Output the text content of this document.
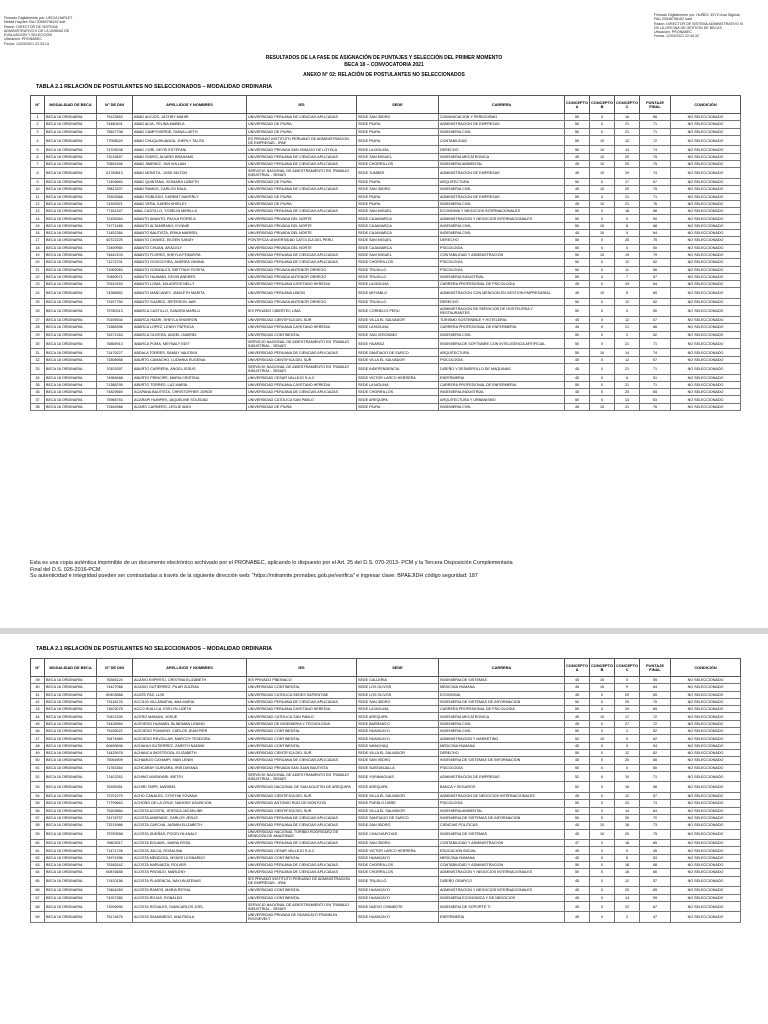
Firmado Digitalmente por: URCIA HARLET
Nelida Haydee FAU 20546798152 soft
Razón: DIRECTOR DE SISTEMA
ADMINISTRATIVO II DE LA UNIDAD DE
EVALUACION Y SELECCIÓN
Ubicación: PRONABEC
Fecha: 12/03/2021 22:34:13
Firmado Digitalmente por: NUÑEZ JOYO Ana Gigliola
FAU 20546798152 hard
Razón: DIRECTOR DE SISTEMA ADMINISTRATIVO III
DE LA OFICINA DE GESTION DE BECAS
Ubicación: PRONABEC
Fecha: 12/03/2021 22:44:32
RESULTADOS DE LA FASE DE ASIGNACIÓN DE PUNTAJES Y SELECCIÓN DEL PRIMER MOMENTO
BECA 18 – CONVOCATORIA 2021
ANEXO N° 02: RELACIÓN DE POSTULANTES NO SELECCIONADOS
TABLA 2.1 RELACIÓN DE POSTULANTES NO SELECCIONADOS – MODALIDAD ORDINARIA
N°	MODALIDAD DE BECA	N° DE DNI	APELLIDOS Y NOMBRES	IES	SEDE	CARRERA	CONCEPTO A	CONCEPTO B	CONCEPTO C	PUNTAJE FINAL	CONDICIÓN
1	BECA 18 ORDINARIA	75123853	ABAD ALEJOS, JATZIRY MAHIR	UNIVERSIDAD PERUANA DE CIENCIAS APLICADAS	SEDE SAN ISIDRO	COMUNICACION Y PERIODISMO	50	0	16	66	NO SELECCIONADO
2	BECA 18 ORDINARIA	74480401	ABAD ALVA, YELINA MABELA	UNIVERSIDAD DE PIURA	SEDE PIURA	ADMINISTRACION DE EMPRESAS	50	0	21	71	NO SELECCIONADO
3	BECA 18 ORDINARIA	75627708	ABAD CAMPOVERDE, DIANA LUETH	UNIVERSIDAD DE PIURA	SEDE PIURA	INGENIERIA CIVIL	50	0	21	71	NO SELECCIONADO
4	BECA 18 ORDINARIA	77058524	ABAD CHUQUIHUANGA, JHERLY TALITA	ES PRIVADO INSTITUTO PERUANO DE ADMINISTRACION DE EMPRESAS - IPAE	SEDE PIURA	CONTABILIDAD	50	10	12	72	NO SELECCIONADO
5	BECA 18 ORDINARIA	74708248	ABAD CORI, DEYSI ESTEFANI	UNIVERSIDAD PRIVADA SAN IGNACIO DE LOYOLA	SEDE LA MOLINA	DERECHO	50	10	14	74	NO SELECCIONADO
6	BECA 18 ORDINARIA	73215657	ABAD ISIDRO, ALVARO BRAHAMS	UNIVERSIDAD PERUANA DE CIENCIAS APLICADAS	SEDE SAN MIGUEL	INGENIERIA MECATRONICA	45	10	20	75	NO SELECCIONADO
7	BECA 18 ORDINARIA	70891946	ABAD JIMENEZ, YAN WILLIAN	UNIVERSIDAD PERUANA DE CIENCIAS APLICADAS	SEDE CHORRILLOS	INGENIERIA AMBIENTAL	45	10	20	75	NO SELECCIONADO
8	BECA 18 ORDINARIA	61789813	ABAD MONTOL, JOSE MILTON	SERVICIO NACIONAL DE ADIESTRAMIENTO EN TRABAJO INDUSTRIAL - SENATI	SEDE TUMBES	ADMINISTRACION DE EMPRESAS	45	10	19	74	NO SELECCIONADO
9	BECA 18 ORDINARIA	71406683	ABAD QUINTANA, XIOMARA LIZBETH	UNIVERSIDAD DE PIURA	SEDE PIURA	ARQUITECTURA	50	0	17	67	NO SELECCIONADO
10	BECA 18 ORDINARIA	75813207	ABAD RAMOS, CARLOS RAUL	UNIVERSIDAD PERUANA DE CIENCIAS APLICADAS	SEDE SAN ISIDRO	INGENIERIA CIVIL	45	10	20	75	NO SELECCIONADO
11	BECA 18 ORDINARIA	75302868	ABAD ROBLEDO, KAREMT MAYERLY	UNIVERSIDAD DE PIURA	SEDE PIURA	ADMINISTRACION DE EMPRESAS	50	0	21	71	NO SELECCIONADO
12	BECA 18 ORDINARIA	74393921	ABAD VERA, KAREN SHIRLEY	UNIVERSIDAD DE PIURA	SEDE PIURA	INGENIERIA CIVIL	45	10	21	76	NO SELECCIONADO
13	BECA 18 ORDINARIA	77151347	ABAL CASTILLO, YOSELIN MIRELLA	UNIVERSIDAD PERUANA DE CIENCIAS APLICADAS	SEDE SAN MIGUEL	ECONOMIA Y NEGOCIOS INTERNACIONALES	50	0	18	68	NO SELECCIONADO
14	BECA 18 ORDINARIA	72155364	ABANTO ABANTO, PAOLA FIORELA	UNIVERSIDAD PRIVADA DEL NORTE	SEDE CAJAMARCA	ADMINISTRACION Y NEGOCIOS INTERNACIONALES	50	0	0	50	NO SELECCIONADO
15	BECA 18 ORDINARIA	74771465	ABANTO ALTAMIRANO, DYNNIE	UNIVERSIDAD PRIVADA DEL NORTE	SEDE CAJAMARCA	INGENIERIA CIVIL	50	10	8	68	NO SELECCIONADO
16	BECA 18 ORDINARIA	71452364	ABANTO BAUTISTA, ERIKA MARISEL	UNIVERSIDAD PRIVADA DEL NORTE	SEDE CAJAMARCA	INGENIERIA CIVIL	45	10	9	64	NO SELECCIONADO
17	BECA 18 ORDINARIA	60722225	ABANTO CHAVEZ, EILEEN SANDY	PONTIFICIA UNIVERSIDAD CATOLICA DEL PERU	SEDE SAN MIGUEL	DERECHO	50	0	25	75	NO SELECCIONADO
18	BECA 18 ORDINARIA	72459950	ABANTO CHUAN, ARACELY	UNIVERSIDAD PRIVADA DEL NORTE	SEDE CAJAMARCA	PSICOLOGIA	50	0	0	50	NO SELECCIONADO
19	BECA 18 ORDINARIA	74642103	ABANTO FLORES, SHEYLA POMAYRA	UNIVERSIDAD PERUANA DE CIENCIAS APLICADAS	SEDE SAN MIGUEL	CONTABILIDAD Y ADMINISTRACION	50	10	19	79	NO SELECCIONADO
20	BECA 18 ORDINARIA	71272701	ABANTO GOICOCHEA, ANDREA YANINA	UNIVERSIDAD PERUANA DE CIENCIAS APLICADAS	SEDE CHORRILLOS	PSICOLOGIA	50	0	12	62	NO SELECCIONADO
21	BECA 18 ORDINARIA	71062063	ABANTO GONZALES, BRITTANY ROSITA	UNIVERSIDAD PRIVADA ANTENOR ORREGO	SEDE TRUJILLO	PSICOLOGIA	50	0	11	56	NO SELECCIONADO
22	BECA 18 ORDINARIA	70489071	ABANTO HUAMAN, KEVIN ANDRES	UNIVERSIDAD PRIVADA ANTENOR ORREGO	SEDE TRUJILLO	INGENIERIA INDUSTRIAL	50	0	7	57	NO SELECCIONADO
23	BECA 18 ORDINARIA	70912453	ABANTO LOMA, MILAGROS NELLY	UNIVERSIDAD PERUANA CAYETANO HEREDIA	SEDE LA MOLINA	CARRERA PROFESIONAL DE PSICOLOGIA	45	0	19	64	NO SELECCIONADO
24	BECA 18 ORDINARIA	74366852	ABANTO MANCANEY, JANILETH MARITA	UNIVERSIDAD PERUANA UNION	SEDE MOYABLO	ADMINISTRACION CON MENCION EN GESTION EMPRESARIAL	45	10	5	60	NO SELECCIONADO
25	BECA 18 ORDINARIA	73107750	ABANTO SUAREZ, JEFERSON JAIR	UNIVERSIDAD PRIVADA ANTENOR ORREGO	SEDE TRUJILLO	DERECHO	50	0	12	62	NO SELECCIONADO
26	BECA 18 ORDINARIA	75780313	ABARCA CASTILLO, SANDRA MARILU	IES PRIVADO CIBERTEC LIMA	SEDE CORNELIO PERU	ADMINISTRACION DE SERVICIOS DE HOSTELERIA Y RESTAURANTES	50	0	0	50	NO SELECCIONADO
27	BECA 18 ORDINARIA	70195534	ABARCA HUARI, SHEYLA SHARRON	UNIVERSIDAD CIENTIFICA DEL SUR	SEDE VILLA EL SALVADOR	TURISMO SOSTENIBLE Y HOTELERIA	45	0	12	57	NO SELECCIONADO
28	BECA 18 ORDINARIA	71586396	ABARCA LOPEZ, LENNY PATRICIA	UNIVERSIDAD PERUANA CAYETANO HEREDIA	SEDE LA MOLINA	CARRERA PROFESIONAL DE ENFERMERIA	45	0	21	66	NO SELECCIONADO
29	BECA 18 ORDINARIA	76371263	ABARCA OLIVERA, ANGEL GABRIEL	UNIVERSIDAD CONTINENTAL	SEDE SAN JERONIMO	INGENIERIA CIVIL	50	0	2	52	NO SELECCIONADO
30	BECA 18 ORDINARIA	76865913	ABARCA POMA, MEYNALY EDIT	SERVICIO NACIONAL DE ADIESTRAMIENTO EN TRABAJO INDUSTRIAL - SENATI	SEDE HUARAZ	INGENIERIA DE SOFTWARE CON INTELIGENCIA ARTIFICIAL	50	0	21	71	NO SELECCIONADO
31	BECA 18 ORDINARIA	71475227	ABDALA TORRES, SAMUY VALESKA	UNIVERSIDAD PERUANA DE CIENCIAS APLICADAS	SEDE SANTIAGO DE SURCO	ARQUITECTURA	50	10	14	74	NO SELECCIONADO
32	BECA 18 ORDINARIA	71508958	ABURTO CAMACHO, LUDWIKA EUGENIA	UNIVERSIDAD CIENTIFICA DEL SUR	SEDE VILLA EL SALVADOR	PSICOLOGIA	45	0	12	57	NO SELECCIONADO
33	BECA 18 ORDINARIA	70103397	ABURTO CARRERA, ANGEL JESUS	SERVICIO NACIONAL DE ADIESTRAMIENTO EN TRABAJO INDUSTRIAL - SENATI	SEDE INDEPENDENCIA	DISEÑO Y DESARROLLO DE MAQUINAS	45	0	21	71	NO SELECCIONADO
34	BECA 18 ORDINARIA	74965468	ABURTO PRINCIPE, MARIA CRISTINA	UNIVERSIDAD CESAR VALLEJO S.A.C	SEDE VICTOR LARCO HERRERA	ENFERMERIA	45	0	6	51	NO SELECCIONADO
35	BECA 18 ORDINARIA	71388795	ABURTO TORRES, LUZ MARIA	UNIVERSIDAD PERUANA CAYETANO HEREDIA	SEDE LA MOLINA	CARRERA PROFESIONAL DE ENFERMERIA	50	0	21	71	NO SELECCIONADO
36	BECA 18 ORDINARIA	74829569	ACAPANA BAUTISTA, CHRISTOPHER JORGE	UNIVERSIDAD PERUANA DE CIENCIAS APLICADAS	SEDE CHORRILLOS	INGENIERIA INDUSTRIAL	45	0	20	65	NO SELECCIONADO
37	BECA 18 ORDINARIA	75968753	ACARAPI HUMPIRI, JAQUELINE SOLEDAD	UNIVERSIDAD CATOLICA SAN PABLO	SEDE AREQUIPA	ARQUITECTURA Y URBANISMO	50	0	13	63	NO SELECCIONADO
38	BECA 18 ORDINARIA	72464968	ACARO CARNERO, LESLIE ANDI	UNIVERSIDAD DE PIURA	SEDE PIURA	INGENIERIA CIVIL	45	10	21	76	NO SELECCIONADO
Esta es una copia auténtica imprimible de un documento electrónico archivado por el PRONABEC, aplicando lo dispuesto por el Art. 25 del D.S. 070-2013- PCM y la Tercera Disposición Complementaria
Final del D.S. 026-2016-PCM.
Su autenticidad e integridad pueden ser contrastadas a través de la siguiente dirección web: "https://mitramite.pronabec.gob.pe/verifica" e ingresar clave: BPAEJIDH código seguridad: 187
TABLA 2.1 RELACIÓN DE POSTULANTES NO SELECCIONADOS – MODALIDAD ORDINARIA
N°	MODALIDAD DE BECA	N° DE DNI	APELLIDOS Y NOMBRES	IES	SEDE	CARRERA	CONCEPTO A	CONCEPTO B	CONCEPTO C	PUNTAJE FINAL	CONDICIÓN
39	BECA 18 ORDINARIA	76365124	ACASIO ESPIRITU, CRISTINA ELIZABETH	IES PRIVADO PIBONACO	SEDE CALLERIA	INGENIERIA DE SISTEMAS	45	10	0	55	NO SELECCIONADO
40	BECA 18 ORDINARIA	74427068	ACASIO GUTIERREZ, PILAR ZULEMA	UNIVERSIDAD CONTINENTAL	SEDE LOS OLIVOS	MEDICINA HUMANA	45	10	9	64	NO SELECCIONADO
41	BECA 18 ORDINARIA	60403868	ACATE PAZ, LUIS	UNIVERSIDAD CATOLICA SEDES SAPIENTIAE	SEDE LOS OLIVOS	ECONOMIA	45	0	20	65	NO SELECCIONADO
42	BECA 18 ORDINARIA	75118178	ACCILIO VILLANUEVA, ANA MARIA	UNIVERSIDAD PERUANA DE CIENCIAS APLICADAS	SEDE SAN ISIDRO	INGENIERIA DE SISTEMAS DE INFORMACION	50	0	20	70	NO SELECCIONADO
43	BECA 18 ORDINARIA	71623075	ACCO HUILLCA, EVELYN LIZETH	UNIVERSIDAD PERUANA CAYETANO HEREDIA	SEDE LA MOLINA	CARRERA PROFESIONAL DE PSICOLOGIA	50	0	19	69	NO SELECCIONADO
44	BECA 18 ORDINARIA	70421305	ACERO MAMANI, JOSUE	UNIVERSIDAD CATOLICA SAN PABLO	SEDE AREQUIPA	INGENIERIA MECATRONICA	45	10	17	72	NO SELECCIONADO
45	BECA 18 ORDINARIA	74428964	ACEVEDO HUAMAN, BLINDMAN LENING	UNIVERSIDAD DE INGENIERIA Y TECNOLOGIA	SEDE BARRANCO	INGENIERIA CIVIL	45	0	27	72	NO SELECCIONADO
46	BECA 18 ORDINARIA	75155022	ACEVEDO POMAYAY, CARLOS JEAN PIER	UNIVERSIDAD CONTINENTAL	SEDE HUANCAYO	INGENIERIA CIVIL	50	0	2	52	NO SELECCIONADO
47	BECA 18 ORDINARIA	76474965	ACEVEDO REVOLLAR, MARCOY TEODORA	UNIVERSIDAD CONTINENTAL	SEDE HUANCAYO	ADMINISTRACION Y MARKETING	52	10	0	62	NO SELECCIONADO
48	BECA 18 ORDINARIA	60695606	ACHAHUI GUTIERREZ, ZARETH NADINE	UNIVERSIDAD CONTINENTAL	SEDE WANCHAQ	MEDICINA HUMANA	45	0	9	54	NO SELECCIONADO
49	BECA 18 ORDINARIA	74425978	ACHANCA INOSTROZA, ELIZABETH	UNIVERSIDAD CIENTIFICA DEL SUR	SEDE VILLA EL SALVADOR	DERECHO	50	0	12	62	NO SELECCIONADO
50	BECA 18 ORDINARIA	75054909	ACHAMIZO CAYAMPI, IVAN LENIN	UNIVERSIDAD PERUANA DE CIENCIAS APLICADAS	SEDE SAN ISIDRO	INGENIERIA DE SISTEMAS DE INFORMACION	45	0	20	65	NO SELECCIONADO
51	BECA 18 ORDINARIA	71763364	ACHCARAY GUEVARA, IRIS DAYANA	UNIVERSIDAD PRIVADA SAN JUAN BAUTISTA	SEDE SUBTANJALLA	PSICOLOGIA	50	0	0	50	NO SELECCIONADO
52	BECA 18 ORDINARIA	71402263	ACHING MURAYARI, IBETSY	SERVICIO NACIONAL DE ADIESTRAMIENTO EN TRABAJO INDUSTRIAL - SENATI	SEDE YURIMAGUAS	ADMINISTRACION DE EMPRESAS	52	0	19	71	NO SELECCIONADO
53	BECA 18 ORDINARIA	76395381	ACHIRI TAIPE, MARIBEL	UNIVERSIDAD NACIONAL DE SAN AGUSTIN DE AREQUIPA	SEDE AREQUIPA	BANCA Y SEGUROS	52	0	16	68	NO SELECCIONADO
54	BECA 18 ORDINARIA	73701279	ACHO CANALES, CYNTHIA YOVANA	UNIVERSIDAD CIENTIFICA DEL SUR	SEDE VILLA EL SALVADOR	ADMINISTRACION DE NEGOCIOS INTERNACIONALES	45	0	12	57	NO SELECCIONADO
55	BECA 18 ORDINARIA	77799663	ACHONG DE LA CRUZ, NAHOMY ASUNCION	UNIVERSIDAD ANTONIO RUIZ DE MONTOYA	SEDE PUEBLO LIBRE	PSICOLOGIA	50	0	23	73	NO SELECCIONADO
56	BECA 18 ORDINARIA	75203884	ACOSTA ACOSTA, JESSICA JACKELINE	UNIVERSIDAD CIENTIFICA DEL SUR	SEDE VILLA EL SALVADOR	INGENIERIA AMBIENTAL	52	0	14	64	NO SELECCIONADO
57	BECA 18 ORDINARIA	74178757	ACOSTA ANDRADE, CARLOS JESUS	UNIVERSIDAD PERUANA DE CIENCIAS APLICADAS	SEDE SANTIAGO DE SURCO	INGENIERIA DE SISTEMAS DE INFORMACION	50	0	20	70	NO SELECCIONADO
58	BECA 18 ORDINARIA	73374966	ACOSTA CAPCHA, JASMIN ELIZABETH	UNIVERSIDAD PERUANA DE CIENCIAS APLICADAS	SEDE SAN ISIDRO	CIENCIAS POLITICAS	45	10	18	73	NO SELECCIONADO
59	BECA 18 ORDINARIA	75750558	ACOSTA DUEÑAS, POCELYN ANALY	UNIVERSIDAD NACIONAL TORIBIO RODRIGUEZ DE MENDOZA DE AMAZONAS	SEDE CHACHAPOYAS	INGENIERIA DE SISTEMAS	45	10	20	75	NO SELECCIONADO
60	BECA 18 ORDINARIA	76803917	ACOSTA EGUAVIL, MARIA ROSA	UNIVERSIDAD PERUANA DE CIENCIAS APLICADAS	SEDE SAN ISIDRO	CONTABILIDAD Y ADMINISTRACION	47	0	18	65	NO SELECCIONADO
61	BECA 18 ORDINARIA	71471728	ACOSTA JULCA, ROSALINA	UNIVERSIDAD CESAR VALLEJO S.A.C	SEDE VICTOR LARCO HERRERA	EDUCACION INICIAL	45	0	0	45	NO SELECCIONADO
62	BECA 18 ORDINARIA	74971596	ACOSTA MENDOZA, MYAGE LEONARDO	UNIVERSIDAD CONTINENTAL	SEDE HUANCAYO	MEDICINA HUMANA	45	0	8	53	NO SELECCIONADO
63	BECA 18 ORDINARIA	75165162	ACOSTA NARVAEZA, ROLVER	UNIVERSIDAD PERUANA DE CIENCIAS APLICADAS	SEDE CHORRILLOS	CONTABILIDAD Y ADMINISTRACION	50	0	18	68	NO SELECCIONADO
64	BECA 18 ORDINARIA	60876658	ACOSTA PINTADO, MARLENY	UNIVERSIDAD PERUANA DE CIENCIAS APLICADAS	SEDE CHORRILLOS	ADMINISTRACION Y NEGOCIOS INTERNACIONALES	50	0	16	66	NO SELECCIONADO
65	BECA 18 ORDINARIA	71420156	ACOSTA PLASENCIA, NAYLIN ATENAS	IES PRIVADO INSTITUTO PERUANO DE ADMINISTRACION DE EMPRESAS - IPAE	SEDE TRUJILLO	DISEÑO GRAFICO	45	0	12	57	NO SELECCIONADO
66	BECA 18 ORDINARIA	73464269	ACOSTA RAMOS, MARIA REYNA	UNIVERSIDAD CONTINENTAL	SEDE HUANCAYO	ADMINISTRACION Y NEGOCIOS INTERNACIONALES	45	0	20	65	NO SELECCIONADO
67	BECA 18 ORDINARIA	74207365	ACOSTA ROJAS, RONALDO	UNIVERSIDAD CONTINENTAL	SEDE HUANCAYO	INGENIERIA ECONOMICA Y DE NEGOCIOS	45	0	14	59	NO SELECCIONADO
68	BECA 18 ORDINARIA	73206990	ACOSTA ROSALES, GIANCARLOS JOEL	SERVICIO NACIONAL DE ADIESTRAMIENTO EN TRABAJO INDUSTRIAL - SENATI	SEDE NUEVO CHIMBOTE	INGENIERIA DE SOPORTE TI	45	0	22	67	NO SELECCIONADO
69	BECA 18 ORDINARIA	75174676	ACOSTA SAMANIEGO, ANA PAOLA	UNIVERSIDAD PRIVADA DE HUANCAYO FRANKLIN ROOSEVELT	SEDE HUANCAYO	ENFERMERIA	45	0	2	47	NO SELECCIONADO
